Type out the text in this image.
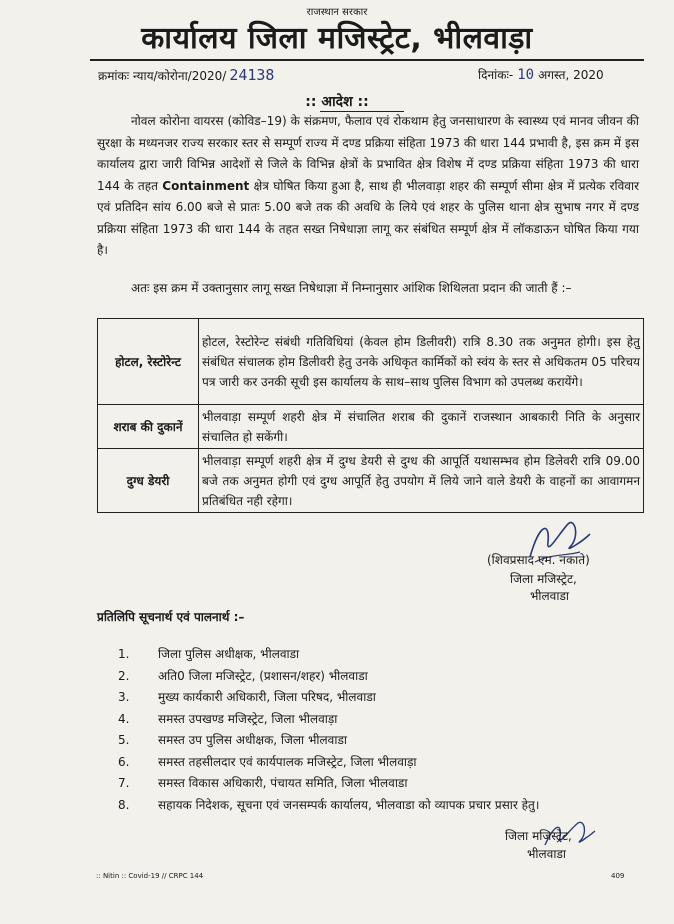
राजस्थान सरकार
कार्यालय जिला मजिस्ट्रेट, भीलवाड़ा
क्रमांकः न्याय/कोरोना/2020/ 24138	दिनांकः- 10 अगस्त, 2020
:: आदेश ::
नोवल कोरोना वायरस (कोविड–19) के संक्रमण, फैलाव एवं रोकथाम हेतु जनसाधारण के स्वास्थ्य एवं मानव जीवन की सुरक्षा के मध्यनजर राज्य सरकार स्तर से सम्पूर्ण राज्य में दण्ड प्रक्रिया संहिता 1973 की धारा 144 प्रभावी है, इस क्रम में इस कार्यालय द्वारा जारी विभिन्न आदेशों से जिले के विभिन्न क्षेत्रों के प्रभावित क्षेत्र विशेष में दण्ड प्रक्रिया संहिता 1973 की धारा 144 के तहत Containment क्षेत्र घोषित किया हुआ है, साथ ही भीलवाड़ा शहर की सम्पूर्ण सीमा क्षेत्र में प्रत्येक रविवार एवं प्रतिदिन सांय 6.00 बजे से प्रातः 5.00 बजे तक की अवधि के लिये एवं शहर के पुलिस थाना क्षेत्र सुभाष नगर में दण्ड प्रक्रिया संहिता 1973 की धारा 144 के तहत सख्त निषेधाज्ञा लागू कर संबंधित सम्पूर्ण क्षेत्र में लॉकडाऊन घोषित किया गया है।
अतः इस क्रम में उक्तानुसार लागू सख्त निषेधाज्ञा में निम्नानुसार आंशिक शिथिलता प्रदान की जाती हैं :–
होटल, रेस्टोरेन्ट	होटल, रेस्टोरेन्ट संबंधी गतिविधियां (केवल होम डिलीवरी) रात्रि 8.30 तक अनुमत होगी। इस हेतु संबंधित संचालक होम डिलीवरी हेतु उनके अधिकृत कार्मिकों को स्वंय के स्तर से अधिकतम 05 परिचय पत्र जारी कर उनकी सूची इस कार्यालय के साथ–साथ पुलिस विभाग को उपलब्ध करायेंगे।
शराब की दुकानें	भीलवाड़ा सम्पूर्ण शहरी क्षेत्र में संचालित शराब की दुकानें राजस्थान आबकारी निति के अनुसार संचालित हो सकेंगी।
दुग्ध डेयरी	भीलवाड़ा सम्पूर्ण शहरी क्षेत्र में दुग्ध डेयरी से दुग्ध की आपूर्ति यथासम्भव होम डिलेवरी रात्रि 09.00 बजे तक अनुमत होगी एवं दुग्ध आपूर्ति हेतु उपयोग में लिये जाने वाले डेयरी के वाहनों का आवागमन प्रतिबंधित नही रहेगा।
(शिवप्रसाद एम. नकाते)
जिला मजिस्ट्रेट,
भीलवाडा
प्रतिलिपि सूचनार्थ एवं पालनार्थ :–
1. जिला पुलिस अधीक्षक, भीलवाडा
2. अति0 जिला मजिस्ट्रेट, (प्रशासन/शहर) भीलवाडा
3. मुख्य कार्यकारी अधिकारी, जिला परिषद, भीलवाडा
4. समस्त उपखण्ड मजिस्ट्रेट, जिला भीलवाड़ा
5. समस्त उप पुलिस अधीक्षक, जिला भीलवाडा
6. समस्त तहसीलदार एवं कार्यपालक मजिस्ट्रेट, जिला भीलवाड़ा
7. समस्त विकास अधिकारी, पंचायत समिति, जिला भीलवाडा
8. सहायक निदेशक, सूचना एवं जनसम्पर्क कार्यालय, भीलवाडा को व्यापक प्रचार प्रसार हेतु।
जिला मजिस्ट्रेट,
भीलवाडा
:: Nitin :: Covid-19 // CRPC 144	409
